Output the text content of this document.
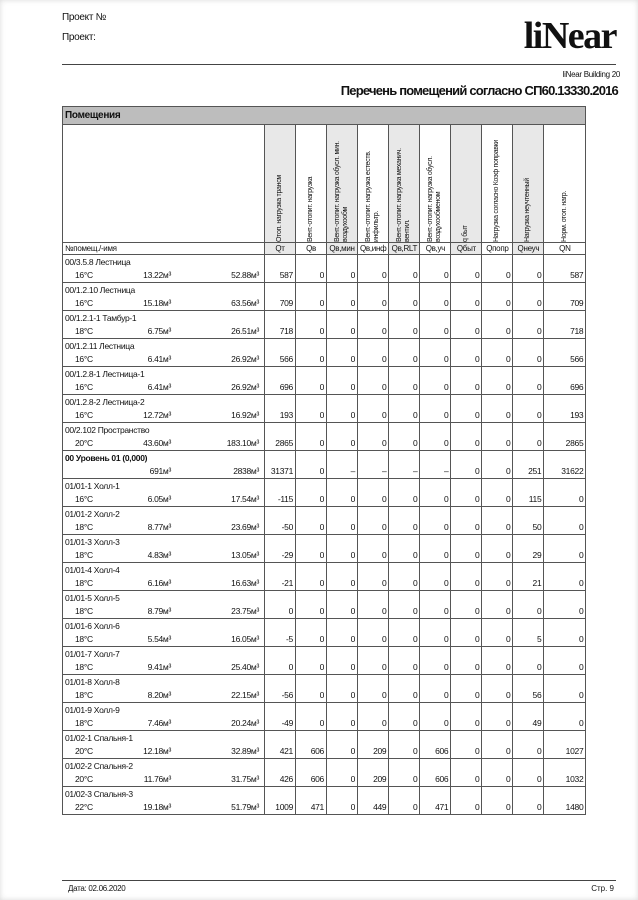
Проект №
Проект:	liNear
liNear Building 20
Перечень помещений согласно СП60.13330.2016
Помещения										

	Отоп. нагрузка трансм	Вент.-отопит. нагрузка	Вент.-отопит. нагрузка обусл. мин. воздухообм	Вент.-отопит. нагрузка естеств. инфильтр.	Вент.-отопит. нагрузка механич. вентил.	Вент.-отопит. нагрузка обусл. воздухообменом	q быт	Нагрузка согласно Коэф поправки	Нагрузка неучтенный	Норм. отоп. нагр.

№помещ./-имя	Qт	Qв	Qв,мин	Qв,инф	Qв,RLT	Qв,уч	Qбыт	Qпопр	Qнеуч	QN
00/3.5.8 Лестница										

16°C 13.22м³ 52.88м³	587	0	0	0	0	0	0	0	0	587
00/1.2.10 Лестница										

16°C 15.18м³ 63.56м³	709	0	0	0	0	0	0	0	0	709
00/1.2.1-1 Тамбур-1										

18°C 6.75м³ 26.51м³	718	0	0	0	0	0	0	0	0	718
00/1.2.11 Лестница										

16°C 6.41м³ 26.92м³	566	0	0	0	0	0	0	0	0	566
00/1.2.8-1 Лестница-1										

16°C 6.41м³ 26.92м³	696	0	0	0	0	0	0	0	0	696
00/1.2.8-2 Лестница-2										

16°C 12.72м³ 16.92м³	193	0	0	0	0	0	0	0	0	193
00/2.102 Пространство										

20°C 43.60м³ 183.10м³	2865	0	0	0	0	0	0	0	0	2865
00 Уровень 01 (0,000)										

691м³ 2838м³	31371	0	–	–	–	–	0	0	251	31622
01/01-1 Холл-1										

16°C 6.05м³ 17.54м³	-115	0	0	0	0	0	0	0	115	0
01/01-2 Холл-2										

18°C 8.77м³ 23.69м³	-50	0	0	0	0	0	0	0	50	0
01/01-3 Холл-3										

18°C 4.83м³ 13.05м³	-29	0	0	0	0	0	0	0	29	0
01/01-4 Холл-4										

18°C 6.16м³ 16.63м³	-21	0	0	0	0	0	0	0	21	0
01/01-5 Холл-5										

18°C 8.79м³ 23.75м³	0	0	0	0	0	0	0	0	0	0
01/01-6 Холл-6										

18°C 5.54м³ 16.05м³	-5	0	0	0	0	0	0	0	5	0
01/01-7 Холл-7										

18°C 9.41м³ 25.40м³	0	0	0	0	0	0	0	0	0	0
01/01-8 Холл-8										

18°C 8.20м³ 22.15м³	-56	0	0	0	0	0	0	0	56	0
01/01-9 Холл-9										

18°C 7.46м³ 20.24м³	-49	0	0	0	0	0	0	0	49	0
01/02-1 Спальня-1										

20°C 12.18м³ 32.89м³	421	606	0	209	0	606	0	0	0	1027
01/02-2 Спальня-2										

20°C 11.76м³ 31.75м³	426	606	0	209	0	606	0	0	0	1032
01/02-3 Спальня-3										

22°C 19.18м³ 51.79м³	1009	471	0	449	0	471	0	0	0	1480
Дата: 02.06.2020	Стр. 9
